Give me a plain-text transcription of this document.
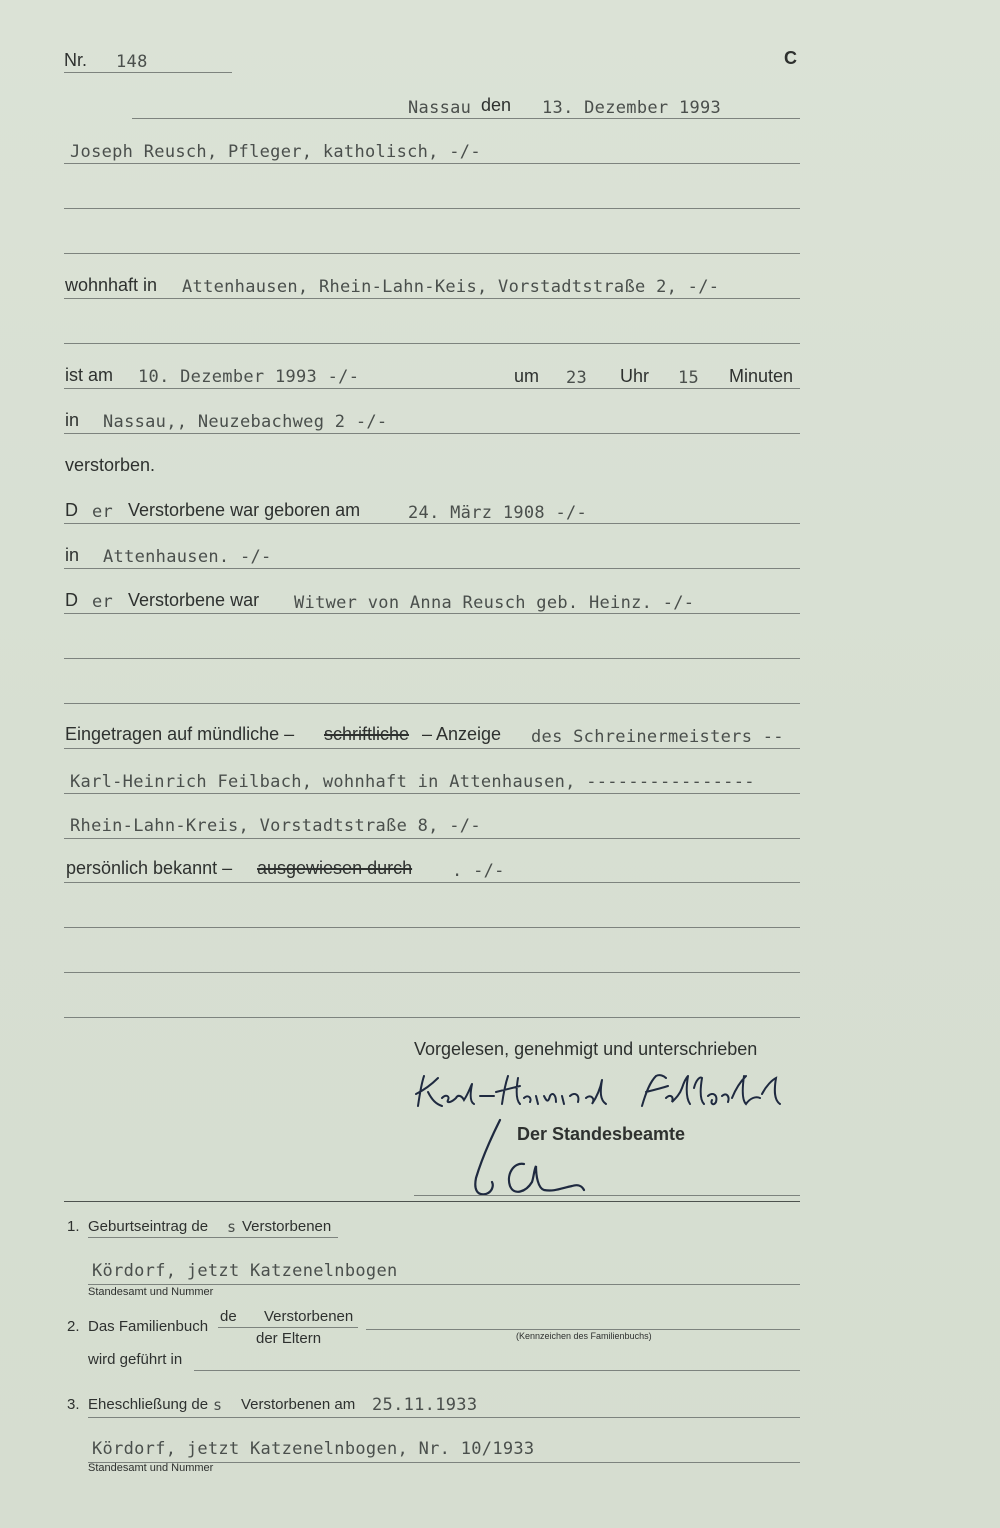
Nr. 148	C
Nassau den 13. Dezember 1993
Joseph Reusch, Pfleger, katholisch, -/-
wohnhaft in Attenhausen, Rhein-Lahn-Keis, Vorstadtstraße 2, -/-
ist am 10. Dezember 1993 -/-	um 23 Uhr 15 Minuten
in Nassau,, Neuzebachweg 2 -/-
verstorben.
D er Verstorbene war geboren am	24. März 1908 -/-
in Attenhausen. -/-
D er Verstorbene war Witwer von Anna Reusch geb. Heinz. -/-
Eingetragen auf mündliche – schriftliche – Anzeige des Schreinermeisters --
Karl-Heinrich Feilbach, wohnhaft in Attenhausen, ----------------
Rhein-Lahn-Kreis, Vorstadtstraße 8, -/-
persönlich bekannt – ausgewiesen durch . -/-
Vorgelesen, genehmigt und unterschrieben
Der Standesbeamte
1. Geburtseintrag de s Verstorbenen
Kördorf, jetzt Katzenelnbogen
Standesamt und Nummer
2. Das Familienbuch
de Verstorbenen
der Eltern	(Kennzeichen des Familienbuchs)
wird geführt in
3. Eheschließung de s Verstorbenen am 25.11.1933
Kördorf, jetzt Katzenelnbogen, Nr. 10/1933
Standesamt und Nummer
